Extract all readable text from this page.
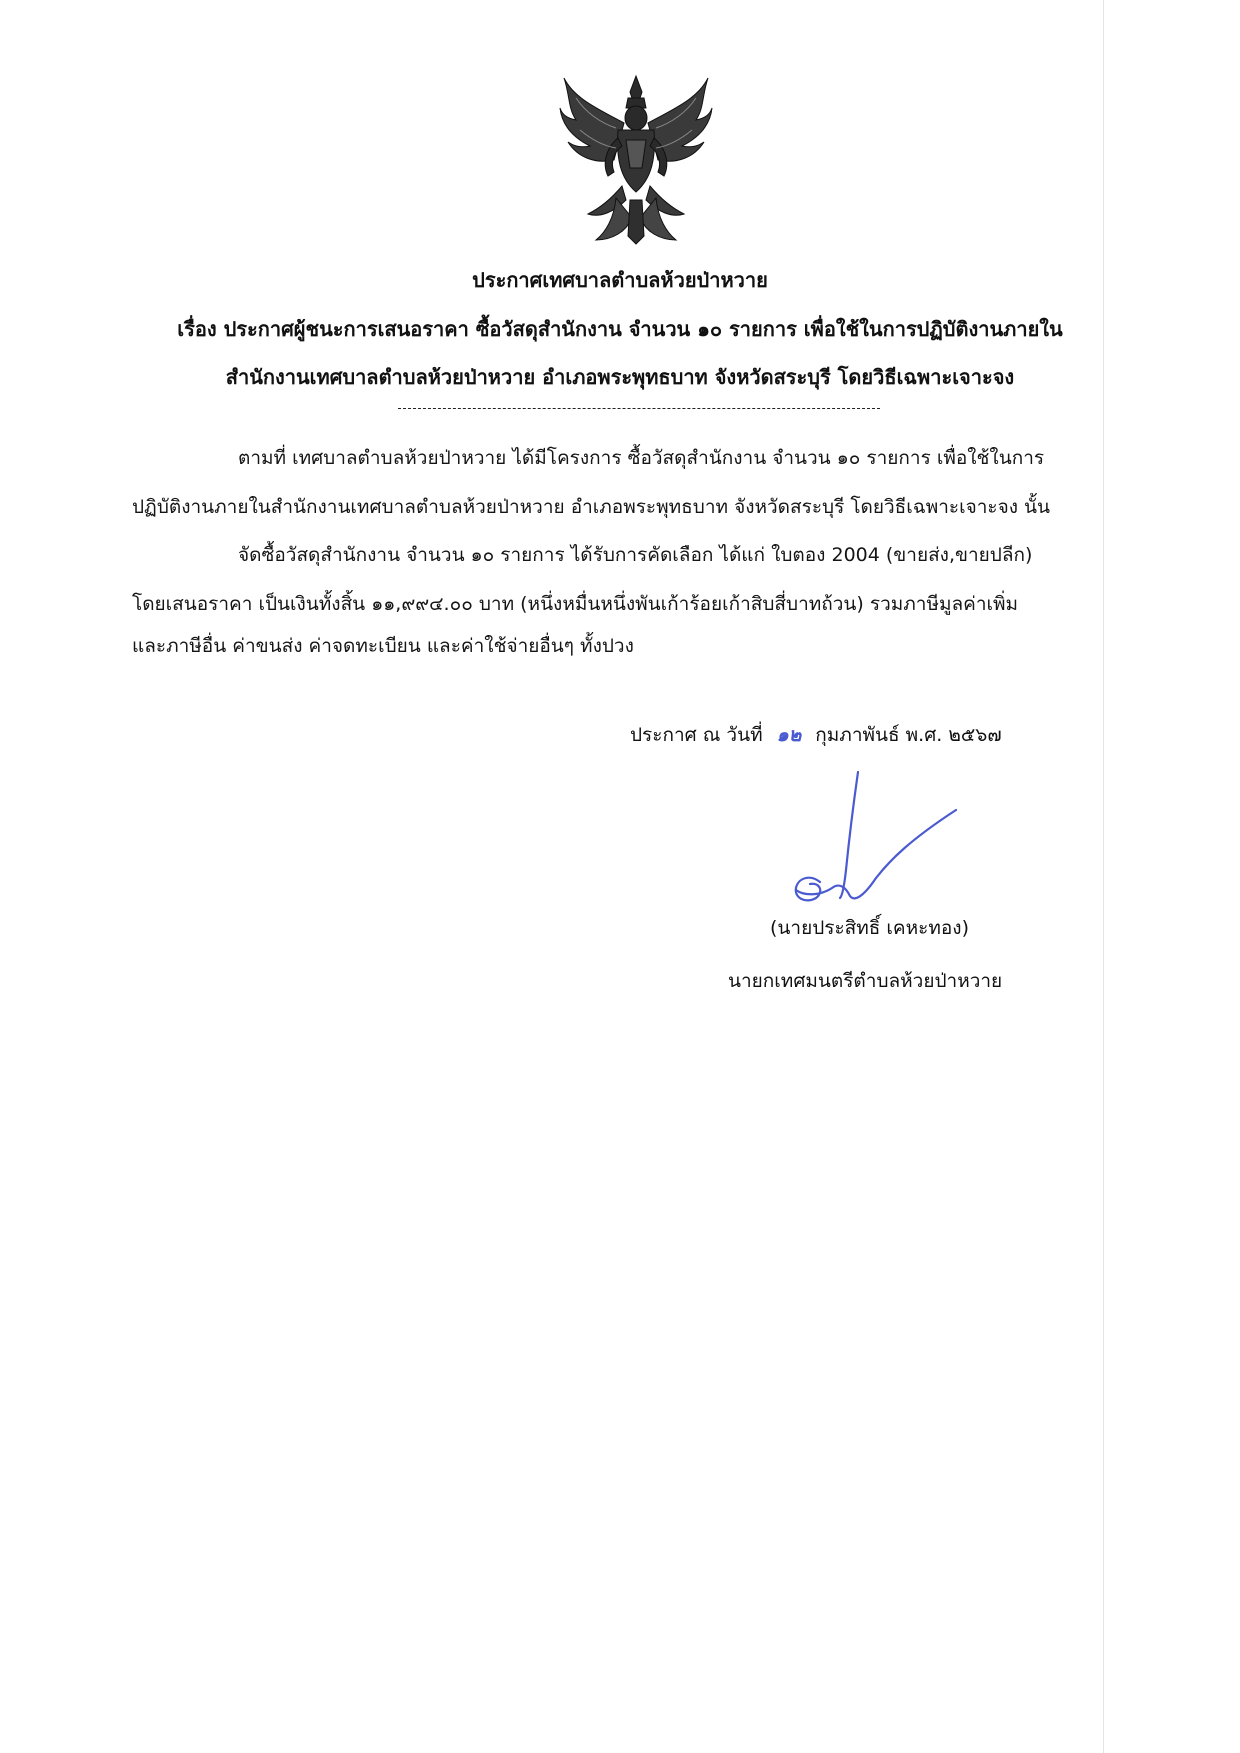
ประกาศเทศบาลตำบลห้วยป่าหวาย
เรื่อง ประกาศผู้ชนะการเสนอราคา ซื้อวัสดุสำนักงาน จำนวน ๑๐ รายการ เพื่อใช้ในการปฏิบัติงานภายใน
สำนักงานเทศบาลตำบลห้วยป่าหวาย อำเภอพระพุทธบาท จังหวัดสระบุรี โดยวิธีเฉพาะเจาะจง
ตามที่ เทศบาลตำบลห้วยป่าหวาย ได้มีโครงการ ซื้อวัสดุสำนักงาน จำนวน ๑๐ รายการ เพื่อใช้ในการ
ปฏิบัติงานภายในสำนักงานเทศบาลตำบลห้วยป่าหวาย อำเภอพระพุทธบาท จังหวัดสระบุรี โดยวิธีเฉพาะเจาะจง นั้น
จัดซื้อวัสดุสำนักงาน จำนวน ๑๐ รายการ ได้รับการคัดเลือก ได้แก่ ใบตอง 2004 (ขายส่ง,ขายปลีก)
โดยเสนอราคา เป็นเงินทั้งสิ้น ๑๑,๙๙๔.๐๐ บาท (หนึ่งหมื่นหนึ่งพันเก้าร้อยเก้าสิบสี่บาทถ้วน) รวมภาษีมูลค่าเพิ่ม
และภาษีอื่น ค่าขนส่ง ค่าจดทะเบียน และค่าใช้จ่ายอื่นๆ ทั้งปวง
ประกาศ ณ วันที่ ๑๒ กุมภาพันธ์ พ.ศ. ๒๕๖๗
(นายประสิทธิ์ เคหะทอง)
นายกเทศมนตรีตำบลห้วยป่าหวาย
